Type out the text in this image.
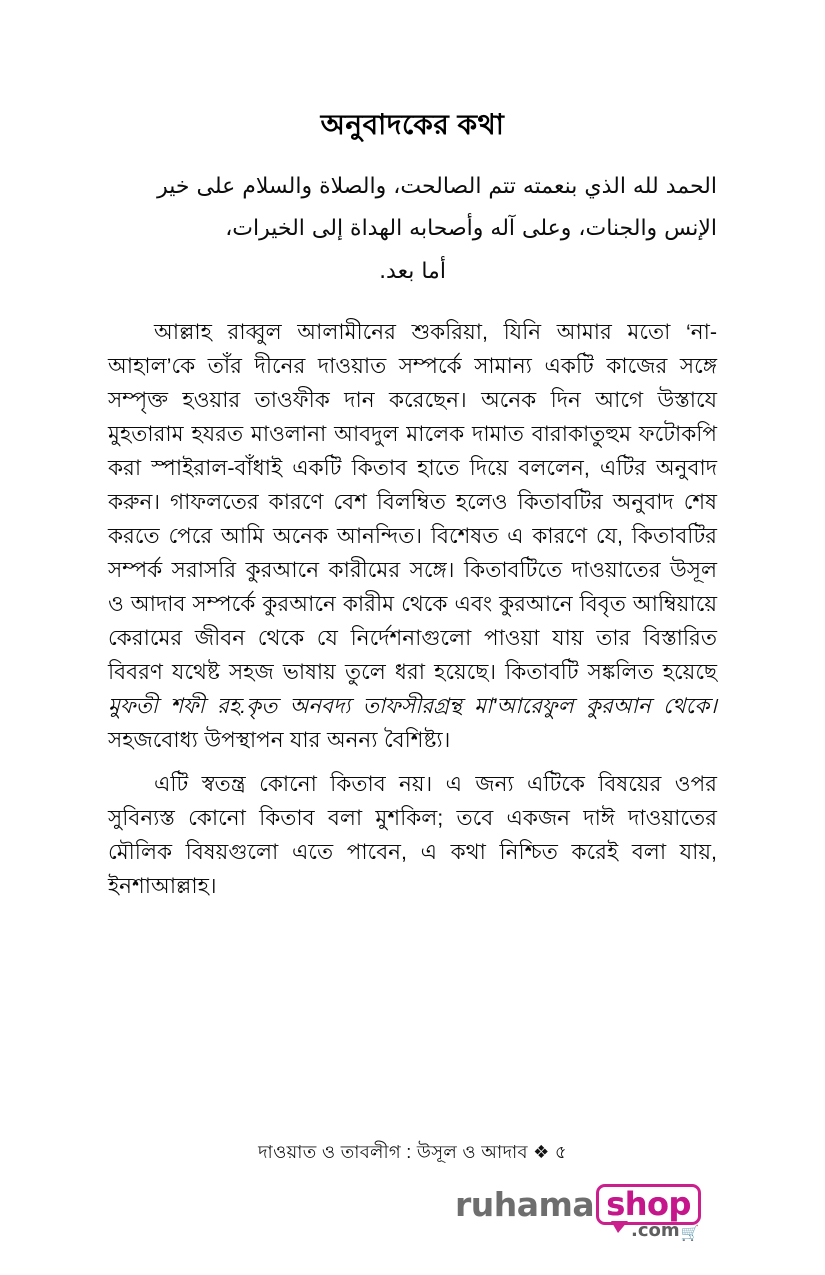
অনুবাদকের কথা
الحمد لله الذي بنعمته تتم الصالحت، والصلاة والسلام على خير
الإنس والجنات، وعلى آله وأصحابه الهداة إلى الخيرات،
أما بعد.

আল্লাহ রাব্বুল আলামীনের শুকরিয়া, যিনি আমার মতো ‘না-আহাল’কে তাঁর দীনের দাওয়াত সম্পর্কে সামান্য একটি কাজের সঙ্গে সম্পৃক্ত হওয়ার তাওফীক দান করেছেন। অনেক দিন আগে উস্তাযে মুহতারাম হযরত মাওলানা আবদুল মালেক দামাত বারাকাতুহুম ফটোকপি করা স্পাইরাল-বাঁধাই একটি কিতাব হাতে দিয়ে বললেন, এটির অনুবাদ করুন। গাফলতের কারণে বেশ বিলম্বিত হলেও কিতাবটির অনুবাদ শেষ করতে পেরে আমি অনেক আনন্দিত। বিশেষত এ কারণে যে, কিতাবটির সম্পর্ক সরাসরি কুরআনে কারীমের সঙ্গে। কিতাবটিতে দাওয়াতের উসূল ও আদাব সম্পর্কে কুরআনে কারীম থেকে এবং কুরআনে বিবৃত আম্বিয়ায়ে কেরামের জীবন থেকে যে নির্দেশনাগুলো পাওয়া যায় তার বিস্তারিত বিবরণ যথেষ্ট সহজ ভাষায় তুলে ধরা হয়েছে। কিতাবটি সঙ্কলিত হয়েছে মুফতী শফী রহ.কৃত অনবদ্য তাফসীরগ্রন্থ মা'আরেফুল কুরআন থেকে। সহজবোধ্য উপস্থাপন যার অনন্য বৈশিষ্ট্য।

এটি স্বতন্ত্র কোনো কিতাব নয়। এ জন্য এটিকে বিষয়ের ওপর সুবিন্যস্ত কোনো কিতাব বলা মুশকিল; তবে একজন দাঈ দাওয়াতের মৌলিক বিষয়গুলো এতে পাবেন, এ কথা নিশ্চিত করেই বলা যায়, ইনশাআল্লাহ।

দাওয়াত ও তাবলীগ : উসূল ও আদাব ❖ ৫
ruhama shop
.com 🛒
